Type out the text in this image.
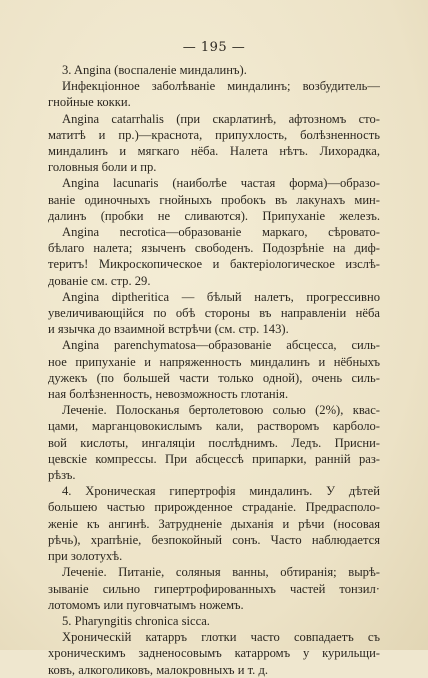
— 195 —
3. Angina (воспаленіе миндалинъ).
Инфекціонное заболѣваніе миндалинъ; возбудитель—
гнойные кокки.
Angina catarrhalis (при скарлатинѣ, афтозномъ сто-
матитѣ и пр.)—краснота, припухлость, болѣзненность
миндалинъ и мягкаго нёба. Налета нѣтъ. Лихорадка,
головныя боли и пр.
Angina lacunaris (наиболѣе частая форма)—образо-
ваніе одиночныхъ гнойныхъ пробокъ въ лакунахъ мин-
далинъ (пробки не сливаются). Припуханіе железъ.
Angina necrotica—образованіе маркаго, сѣровато-
бѣлаго налета; языченъ свободенъ. Подозрѣніе на диф-
теритъ! Микроскопическое и бактеріологическое изслѣ-
дованіе см. стр. 29.
Angina diptheritica — бѣлый налетъ, прогрессивно
увеличивающійся по обѣ стороны въ направленіи нёба
и язычка до взаимной встрѣчи (см. стр. 143).
Angina parenchymatosa—образованіе абсцесса, силь-
ное припуханіе и напряженность миндалинъ и нёбныхъ
дужекъ (по большей части только одной), очень силь-
ная болѣзненность, невозможность глотанія.
Леченіе. Полосканья бертолетовою солью (2%), квас-
цами, марганцовокислымъ кали, растворомъ карболо-
вой кислоты, ингаляціи послѣднимъ. Ледъ. Присни-
цевскіе компрессы. При абсцессѣ припарки, ранній раз-
рѣзъ.
4. Хроническая гипертрофія миндалинъ. У дѣтей
большею частью прирожденное страданіе. Предрасполо-
женіе къ ангинѣ. Затрудненіе дыханія и рѣчи (носовая
рѣчь), храпѣніе, безпокойный сонъ. Часто наблюдается
при золотухѣ.
Леченіе. Питаніе, соляныя ванны, обтиранія; вырѣ-
зываніе сильно гипертрофированныхъ частей тонзил·
лотомомъ или пуговчатымъ ножемъ.
5. Pharyngitis chronica sicca.
Хроническій катарръ глотки часто совпадаетъ съ
хроническимъ задненосовымъ катарромъ у курильщи-
ковъ, алкоголиковъ, малокровныхъ и т. д.
